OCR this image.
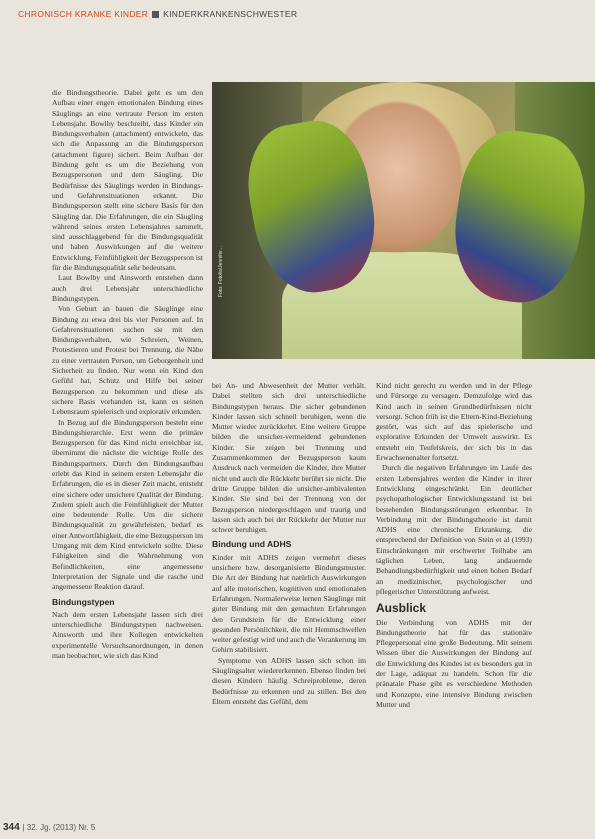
CHRONISCH KRANKE KINDER KINDERKRANKENSCHWESTER
Foto: Fotolia/Jennifer...

die Bindungstheorie. Dabei geht es um den Aufbau einer engen emotionalen Bindung eines Säuglings an eine vertraute Person im ersten Lebensjahr. Bowlby beschreibt, dass Kinder ein Bindungsverhalten (attachment) entwickeln, das sich die Anpassung an die Bindungsperson (attachment figure) sichert. Beim Aufbau der Bindung geht es um die Beziehung von Bezugspersonen und dem Säugling. Die Bedürfnisse des Säuglings werden in Bindungs- und Gefahrensituationen erkannt. Die Bindungsperson stellt eine sichere Basis für den Säugling dar. Die Erfahrungen, die ein Säugling während seines ersten Lebensjahres sammelt, sind ausschlaggebend für die Bindungsqualität und haben Auswirkungen auf die weitere Entwicklung. Feinfühligkeit der Bezugsperson ist für die Bindungsqualität sehr bedeutsam.

Laut Bowlby und Ainsworth entstehen dann auch drei Lebensjahr unterschiedliche Bindungstypen.

Von Geburt an bauen die Säuglinge eine Bindung zu etwa drei bis vier Personen auf. In Gefahrensituationen suchen sie mit den Bindungsverhalten, wie Schreien, Weinen, Protestieren und Protest bei Trennung, die Nähe zu einer vertrauten Person, um Geborgenheit und Sicherheit zu finden. Nur wenn ein Kind den Gefühl hat, Schutz und Hilfe bei seiner Bezugsperson zu bekommen und diese als sichere Basis vorhanden ist, kann es seinen Lebensraum spielerisch und explorativ erkunden.

In Bezug auf die Bindungsperson besteht eine Bindungshierarchie. Erst wenn die primäre Bezugsperson für das Kind nicht erreichbar ist, übernimmt die nächste die wichtige Rolle des Bindungspartners. Durch den Bindungsaufbau erlebt das Kind in seinem ersten Lebensjahr die Erfahrungen, die es in dieser Zeit macht, entsteht eine sichere oder unsichere Qualität der Bindung. Zudem spielt auch die Feinfühligkeit der Mutter eine bedeutende Rolle. Um die sichere Bindungsqualität zu gewährleisten, bedarf es einer Antwortfähigkeit, die eine Bezugsperson im Umgang mit dem Kind entwickeln sollte. Diese Fähigkeiten sind die Wahrnehmung von Befindlichkeiten, eine angemessene Interpretation der Signale und die rasche und angemessene Reaktion darauf.

Bindungstypen

Nach dem ersten Lebensjahr lassen sich drei unterschiedliche Bindungstypen nachweisen. Ainsworth und ihre Kollegen entwickelten experimentelle Versuchsanordnungen, in denen man beobachtet, wie sich das Kind

bei An- und Abwesenheit der Mutter verhält. Dabei stellten sich drei unterschiedliche Bindungstypen heraus. Die sicher gebundenen Kinder lassen sich schnell beruhigen, wenn die Mutter wieder zurückkehrt. Eine weitere Gruppe bilden die unsicher-vermeidend gebundenen Kinder. Sie zeigen bei Trennung und Zusammenkommen der Bezugsperson kaum Ausdruck nach vermeiden die Kinder, ihre Mutter nicht und auch die Rückkehr berührt sie nicht. Die dritte Gruppe bilden die unsicher-ambivalenten Kinder. Sie sind bei der Trennung von der Bezugsperson niedergeschlagen und traurig und lassen sich auch bei der Rückkehr der Mutter nur schwer beruhigen.

Bindung und ADHS

Kinder mit ADHS zeigen vermehrt dieses unsichere bzw. desorganisierte Bindungsmuster. Die Art der Bindung hat natürlich Auswirkungen auf alle motorischen, kognitiven und emotionalen Erfahrungen. Normalerweise lernen Säuglinge mit guter Bindung mit den gemachten Erfahrungen den Grundstein für die Entwicklung einer gesunden Persönlichkeit, die mit Hemmschwellen weiter gefestigt wird und auch die Verankerung im Gehirn stabilisiert.

Symptome von ADHS lassen sich schon im Säuglingsalter wiedererkennen. Ebenso finden bei diesen Kindern häufig Schreiprobleme, deren Bedürfnisse zu erkennen und zu stillen. Bei den Eltern entsteht das Gefühl, dem

Kind nicht gerecht zu werden und in der Pflege und Fürsorge zu versagen. Demzufolge wird das Kind auch in seinen Grundbedürfnissen nicht versorgt. Schon früh ist die Eltern-Kind-Beziehung gestört, was sich auf das spielerische und explorative Erkunden der Umwelt auswirkt. Es entsteht ein Teufelskreis, der sich bis in das Erwachsenenalter fortsetzt.

Durch die negativen Erfahrungen im Laufe des ersten Lebensjahres werden die Kinder in ihrer Entwicklung eingeschränkt. Ein deutlicher psychopathologischer Entwicklungsstand ist bei bestehenden Bindungsstörungen erkennbar. In Verbindung mit der Bindungstheorie ist damit ADHS eine chronische Erkrankung, die entsprechend der Definition von Stein et al (1993) Einschränkungen mit erschwerter Teilhabe am täglichen Leben, lang andauernde Behandlungsbedürftigkeit und einen hohen Bedarf an medizinischer, psychologischer und pflegerischer Unterstützung aufweist.

Ausblick

Die Verbindung von ADHS mit der Bindungstheorie hat für das stationäre Pflegepersonal eine große Bedeutung. Mit seinem Wissen über die Auswirkungen der Bindung auf die Entwicklung des Kindes ist es besonders gut in der Lage, adäquat zu handeln. Schon für die pränatale Phase gibt es verschiedene Methoden und Konzepte, eine intensive Bindung zwischen Mutter und

344 | 32. Jg. (2013) Nr. 5
